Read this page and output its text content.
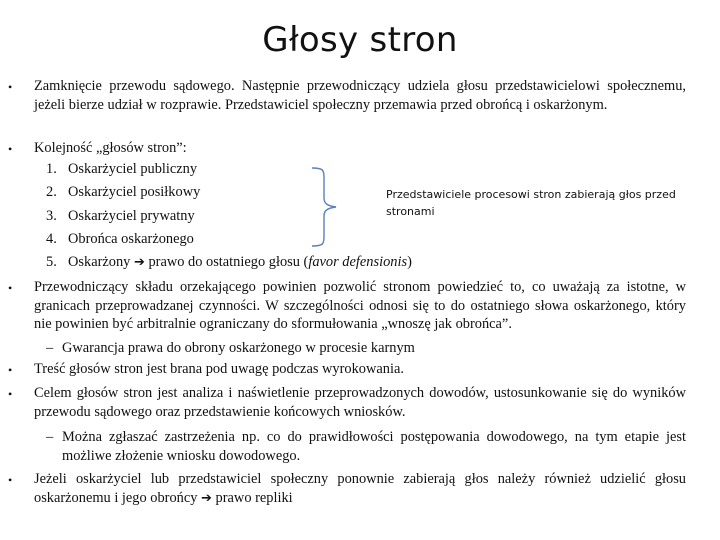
Głosy stron
• Zamknięcie przewodu sądowego. Następnie przewodniczący udziela głosu przedstawicielowi społecznemu, jeżeli bierze udział w rozprawie. Przedstawiciel społeczny przemawia przed obrońcą i oskarżonym.
• Kolejność „głosów stron”:
1. Oskarżyciel publiczny
2. Oskarżyciel posiłkowy
3. Oskarżyciel prywatny
4. Obrońca oskarżonego
5. Oskarżony ➔ prawo do ostatniego głosu (favor defensionis)
Przedstawiciele procesowi stron zabierają głos przed stronami
• Przewodniczący składu orzekającego powinien pozwolić stronom powiedzieć to, co uważają za istotne, w granicach przeprowadzanej czynności. W szczególności odnosi się to do ostatniego słowa oskarżonego, który nie powinien być arbitralnie ograniczany do sformułowania „wnoszę jak obrońca”.
– Gwarancja prawa do obrony oskarżonego w procesie karnym
• Treść głosów stron jest brana pod uwagę podczas wyrokowania.
• Celem głosów stron jest analiza i naświetlenie przeprowadzonych dowodów, ustosunkowanie się do wyników przewodu sądowego oraz przedstawienie końcowych wniosków.
– Można zgłaszać zastrzeżenia np. co do prawidłowości postępowania dowodowego, na tym etapie jest możliwe złożenie wniosku dowodowego.
• Jeżeli oskarżyciel lub przedstawiciel społeczny ponownie zabierają głos należy również udzielić głosu oskarżonemu i jego obrońcy ➔ prawo repliki
